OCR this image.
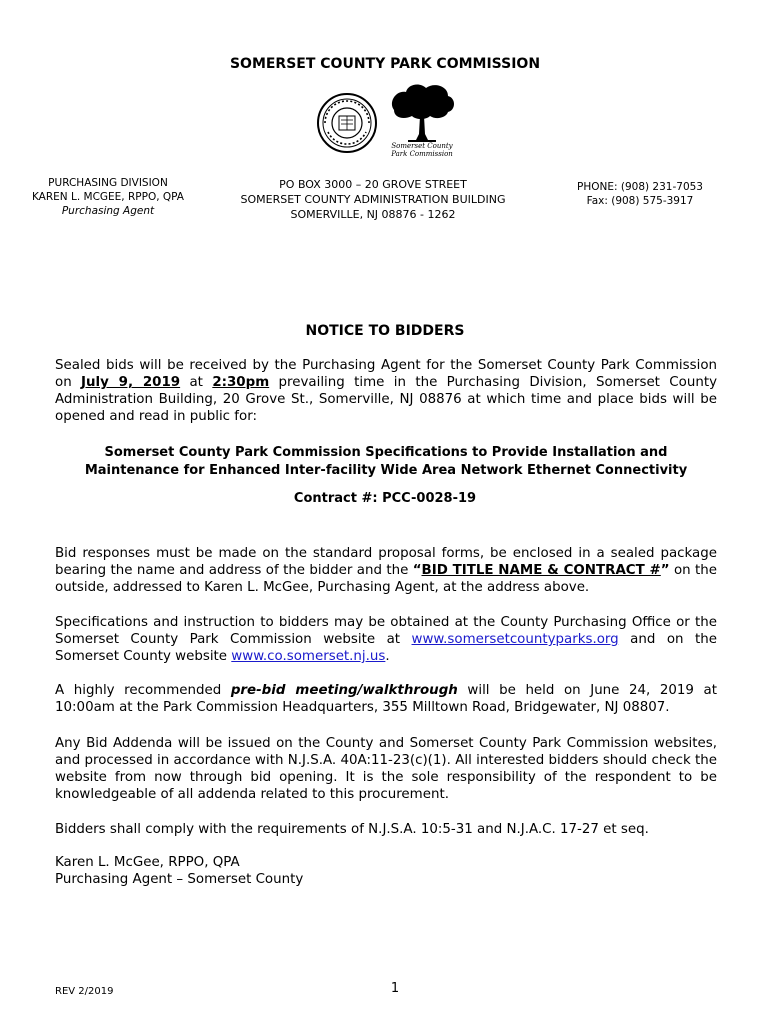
SOMERSET COUNTY PARK COMMISSION
Somerset County
Park Commission
PURCHASING DIVISION
KAREN L. MCGEE, RPPO, QPA
Purchasing Agent
PO BOX 3000 – 20 GROVE STREET
SOMERSET COUNTY ADMINISTRATION BUILDING
SOMERVILLE, NJ 08876 - 1262
PHONE: (908) 231-7053
Fax: (908) 575-3917
NOTICE TO BIDDERS
Sealed bids will be received by the Purchasing Agent for the Somerset County Park Commission on July 9, 2019 at 2:30pm prevailing time in the Purchasing Division, Somerset County Administration Building, 20 Grove St., Somerville, NJ 08876 at which time and place bids will be opened and read in public for:
Somerset County Park Commission Specifications to Provide Installation and
Maintenance for Enhanced Inter-facility Wide Area Network Ethernet Connectivity
Contract #: PCC-0028-19
Bid responses must be made on the standard proposal forms, be enclosed in a sealed package bearing the name and address of the bidder and the “BID TITLE NAME & CONTRACT #” on the outside, addressed to Karen L. McGee, Purchasing Agent, at the address above.
Specifications and instruction to bidders may be obtained at the County Purchasing Office or the Somerset County Park Commission website at www.somersetcountyparks.org and on the Somerset County website www.co.somerset.nj.us.
A highly recommended pre-bid meeting/walkthrough will be held on June 24, 2019 at 10:00am at the Park Commission Headquarters, 355 Milltown Road, Bridgewater, NJ 08807.
Any Bid Addenda will be issued on the County and Somerset County Park Commission websites, and processed in accordance with N.J.S.A. 40A:11-23(c)(1). All interested bidders should check the website from now through bid opening. It is the sole responsibility of the respondent to be knowledgeable of all addenda related to this procurement.
Bidders shall comply with the requirements of N.J.S.A. 10:5-31 and N.J.A.C. 17-27 et seq.
Karen L. McGee, RPPO, QPA
Purchasing Agent – Somerset County
REV 2/2019	1
